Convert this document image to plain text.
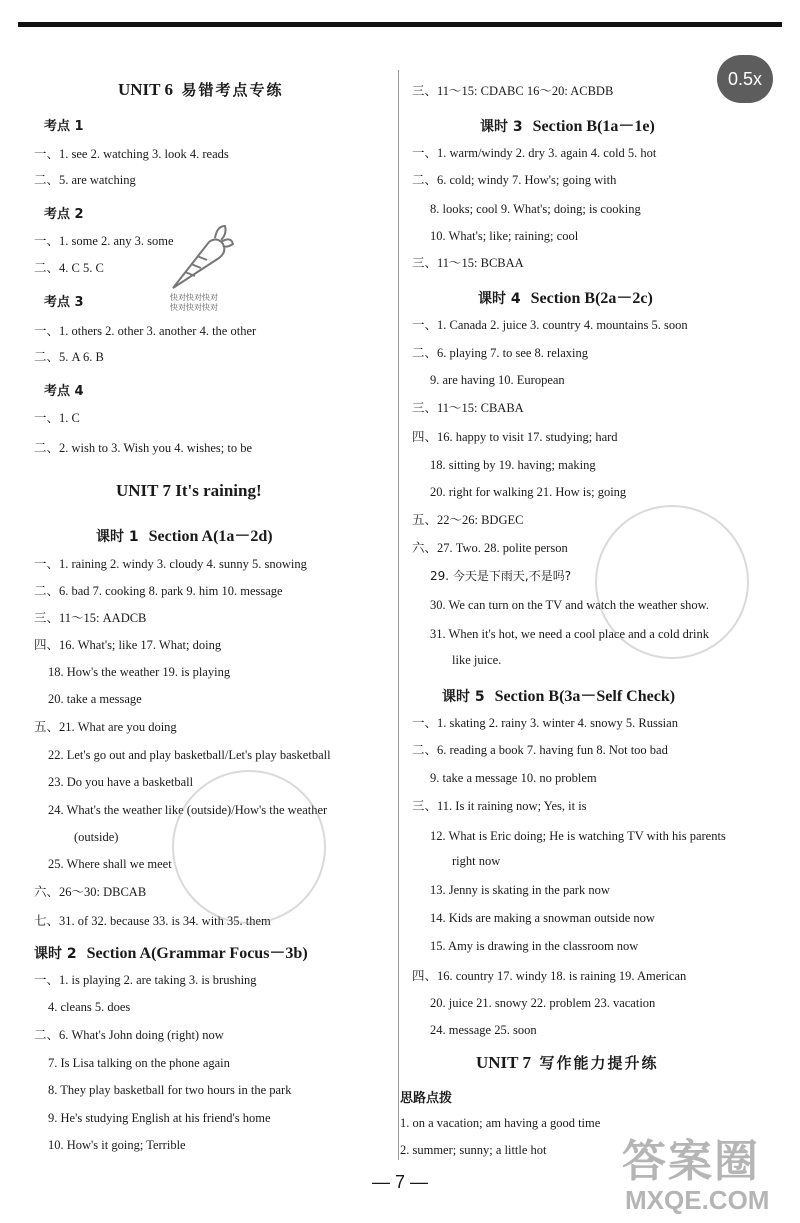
0.5x
UNIT 6 易错考点专练
考点 1
一、1. see 2. watching 3. look 4. reads
二、5. are watching
考点 2
一、1. some 2. any 3. some
二、4. C 5. C
考点 3
一、1. others 2. other 3. another 4. the other
二、5. A 6. B
考点 4
一、1. C
二、2. wish to 3. Wish you 4. wishes; to be
UNIT 7 It's raining!
课时 1 Section A(1a－2d)
一、1. raining 2. windy 3. cloudy 4. sunny 5. snowing
二、6. bad 7. cooking 8. park 9. him 10. message
三、11～15: AADCB
四、16. What's; like 17. What; doing
18. How's the weather 19. is playing
20. take a message
五、21. What are you doing
22. Let's go out and play basketball/Let's play basketball
23. Do you have a basketball
24. What's the weather like (outside)/How's the weather
(outside)
25. Where shall we meet
六、26～30: DBCAB
七、31. of 32. because 33. is 34. with 35. them
课时 2 Section A(Grammar Focus－3b)
一、1. is playing 2. are taking 3. is brushing
4. cleans 5. does
二、6. What's John doing (right) now
7. Is Lisa talking on the phone again
8. They play basketball for two hours in the park
9. He's studying English at his friend's home
10. How's it going; Terrible
三、11～15: CDABC 16～20: ACBDB
课时 3 Section B(1a－1e)
一、1. warm/windy 2. dry 3. again 4. cold 5. hot
二、6. cold; windy 7. How's; going with
8. looks; cool 9. What's; doing; is cooking
10. What's; like; raining; cool
三、11～15: BCBAA
课时 4 Section B(2a－2c)
一、1. Canada 2. juice 3. country 4. mountains 5. soon
二、6. playing 7. to see 8. relaxing
9. are having 10. European
三、11～15: CBABA
四、16. happy to visit 17. studying; hard
18. sitting by 19. having; making
20. right for walking 21. How is; going
五、22～26: BDGEC
六、27. Two. 28. polite person
29. 今天是下雨天,不是吗?
30. We can turn on the TV and watch the weather show.
31. When it's hot, we need a cool place and a cold drink
like juice.
课时 5 Section B(3a－Self Check)
一、1. skating 2. rainy 3. winter 4. snowy 5. Russian
二、6. reading a book 7. having fun 8. Not too bad
9. take a message 10. no problem
三、11. Is it raining now; Yes, it is
12. What is Eric doing; He is watching TV with his parents
right now
13. Jenny is skating in the park now
14. Kids are making a snowman outside now
15. Amy is drawing in the classroom now
四、16. country 17. windy 18. is raining 19. American
20. juice 21. snowy 22. problem 23. vacation
24. message 25. soon
UNIT 7 写作能力提升练
思路点拨
1. on a vacation; am having a good time
2. summer; sunny; a little hot
快对快对快对
快对快对快对
答案圈
MXQE.COM
— 7 —
